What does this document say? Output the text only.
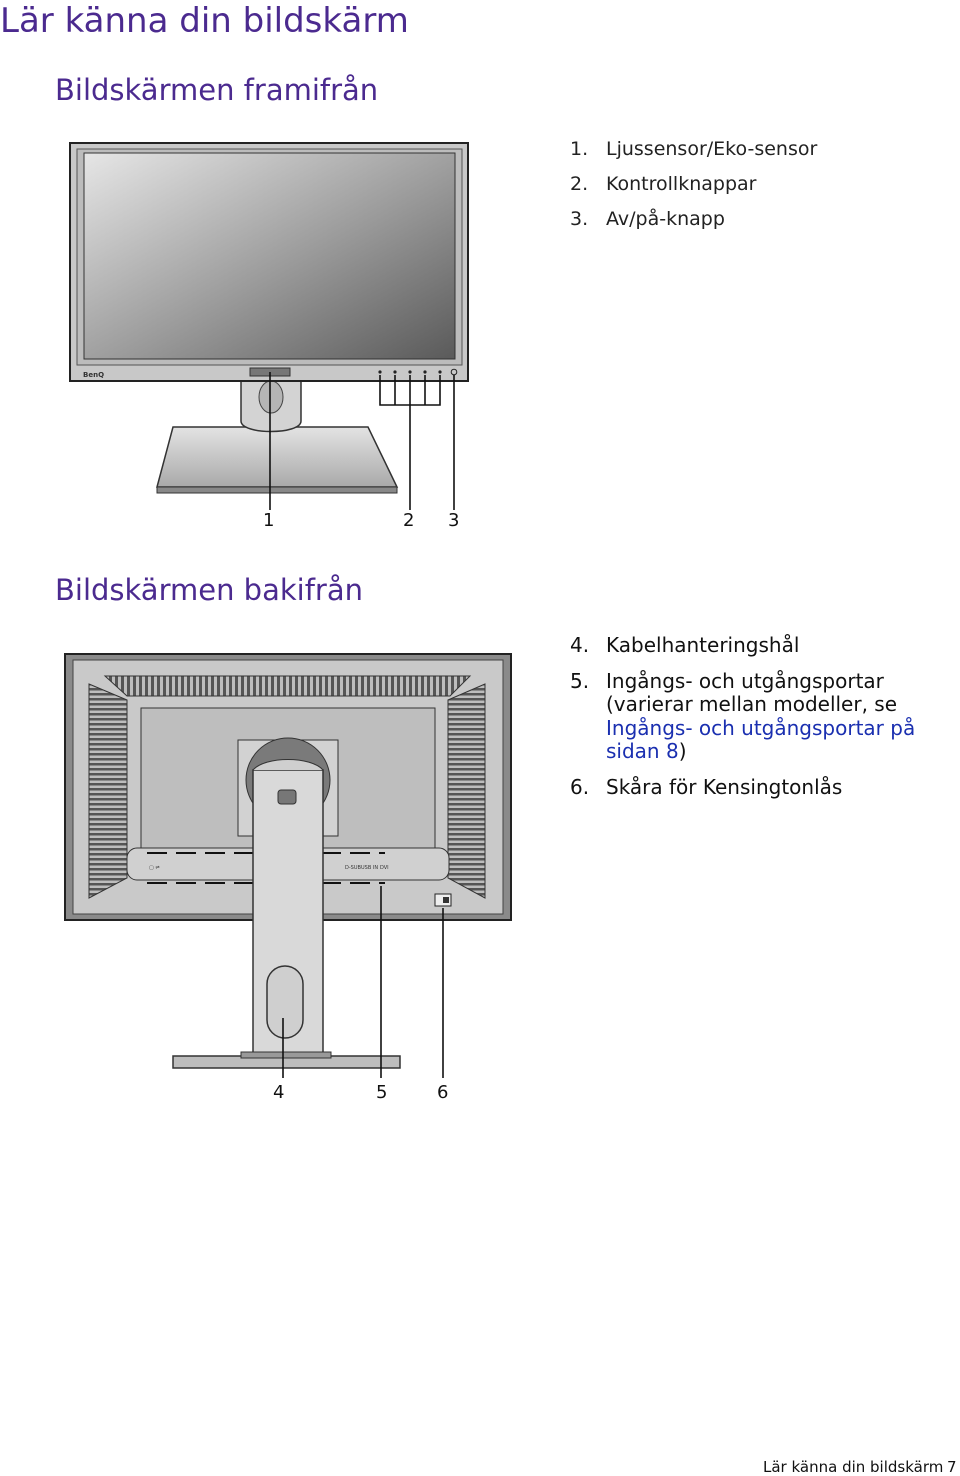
Lär känna din bildskärm
Bildskärmen framifrån
1. Ljussensor/Eko-sensor
2. Kontrollknappar
3. Av/på-knapp
BenQ
1	2 3
Bildskärmen bakifrån
4. Kabelhanteringshål
5. Ingångs- och utgångsportar (varierar mellan modeller, se Ingångs- och utgångsportar på sidan 8)
6. Skåra för Kensingtonlås
▢ ⇌	D-SUB USB IN DVI
4	5	6
Lär känna din bildskärm 7
